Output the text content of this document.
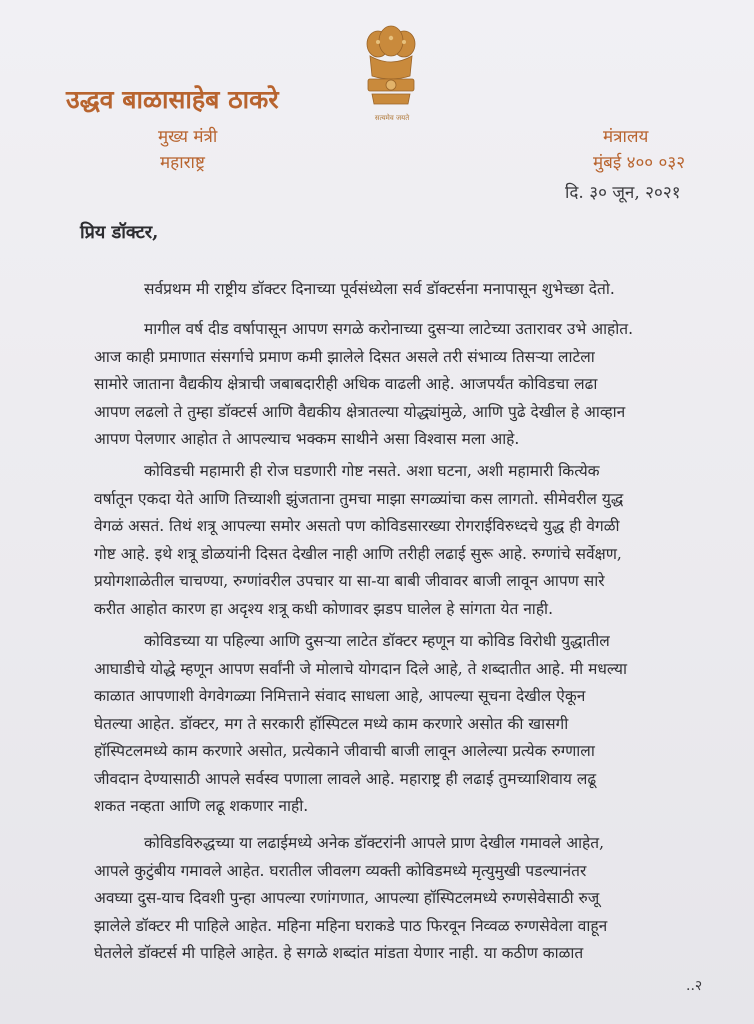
सत्यमेव जयते
उद्धव बाळासाहेब ठाकरे
मुख्य मंत्री
महाराष्ट्र
मंत्रालय
मुंबई ४०० ०३२
दि. ३० जून, २०२१
प्रिय डॉक्टर,

सर्वप्रथम मी राष्ट्रीय डॉक्टर दिनाच्या पूर्वसंध्येला सर्व डॉक्टर्सना मनापासून शुभेच्छा देतो.

मागील वर्ष दीड वर्षापासून आपण सगळे करोनाच्या दुसऱ्या लाटेच्या उतारावर उभे आहोत.
आज काही प्रमाणात संसर्गाचे प्रमाण कमी झालेले दिसत असले तरी संभाव्य तिसऱ्या लाटेला
सामोरे जाताना वैद्यकीय क्षेत्राची जबाबदारीही अधिक वाढली आहे. आजपर्यंत कोविडचा लढा
आपण लढलो ते तुम्हा डॉक्टर्स आणि वैद्यकीय क्षेत्रातल्या योद्ध्यांमुळे, आणि पुढे देखील हे आव्हान
आपण पेलणार आहोत ते आपल्याच भक्कम साथीने असा विश्वास मला आहे.

कोविडची महामारी ही रोज घडणारी गोष्ट नसते. अशा घटना, अशी महामारी कित्येक
वर्षातून एकदा येते आणि तिच्याशी झुंजताना तुमचा माझा सगळ्यांचा कस लागतो. सीमेवरील युद्ध
वेगळं असतं. तिथं शत्रू आपल्या समोर असतो पण कोविडसारख्या रोगराईविरुध्दचे युद्ध ही वेगळी
गोष्ट आहे. इथे शत्रू डोळयांनी दिसत देखील नाही आणि तरीही लढाई सुरू आहे. रुग्णांचे सर्वेक्षण,
प्रयोगशाळेतील चाचण्या, रुग्णांवरील उपचार या सा-या बाबी जीवावर बाजी लावून आपण सारे
करीत आहोत कारण हा अदृश्य शत्रू कधी कोणावर झडप घालेल हे सांगता येत नाही.

कोविडच्या या पहिल्या आणि दुसऱ्या लाटेत डॉक्टर म्हणून या कोविड विरोधी युद्धातील
आघाडीचे योद्धे म्हणून आपण सर्वांनी जे मोलाचे योगदान दिले आहे, ते शब्दातीत आहे. मी मधल्या
काळात आपणाशी वेगवेगळ्या निमित्ताने संवाद साधला आहे, आपल्या सूचना देखील ऐकून
घेतल्या आहेत. डॉक्टर, मग ते सरकारी हॉस्पिटल मध्ये काम करणारे असोत की खासगी
हॉस्पिटलमध्ये काम करणारे असोत, प्रत्येकाने जीवाची बाजी लावून आलेल्या प्रत्येक रुग्णाला
जीवदान देण्यासाठी आपले सर्वस्व पणाला लावले आहे. महाराष्ट्र ही लढाई तुमच्याशिवाय लढू
शकत नव्हता आणि लढू शकणार नाही.

कोविडविरुद्धच्या या लढाईमध्ये अनेक डॉक्टरांनी आपले प्राण देखील गमावले आहेत,
आपले कुटुंबीय गमावले आहेत. घरातील जीवलग व्यक्ती कोविडमध्ये मृत्युमुखी पडल्यानंतर
अवघ्या दुस-याच दिवशी पुन्हा आपल्या रणांगणात, आपल्या हॉस्पिटलमध्ये रुग्णसेवेसाठी रुजू
झालेले डॉक्टर मी पाहिले आहेत. महिना महिना घराकडे पाठ फिरवून निव्वळ रुग्णसेवेला वाहून
घेतलेले डॉक्टर्स मी पाहिले आहेत. हे सगळे शब्दांत मांडता येणार नाही. या कठीण काळात

..२
